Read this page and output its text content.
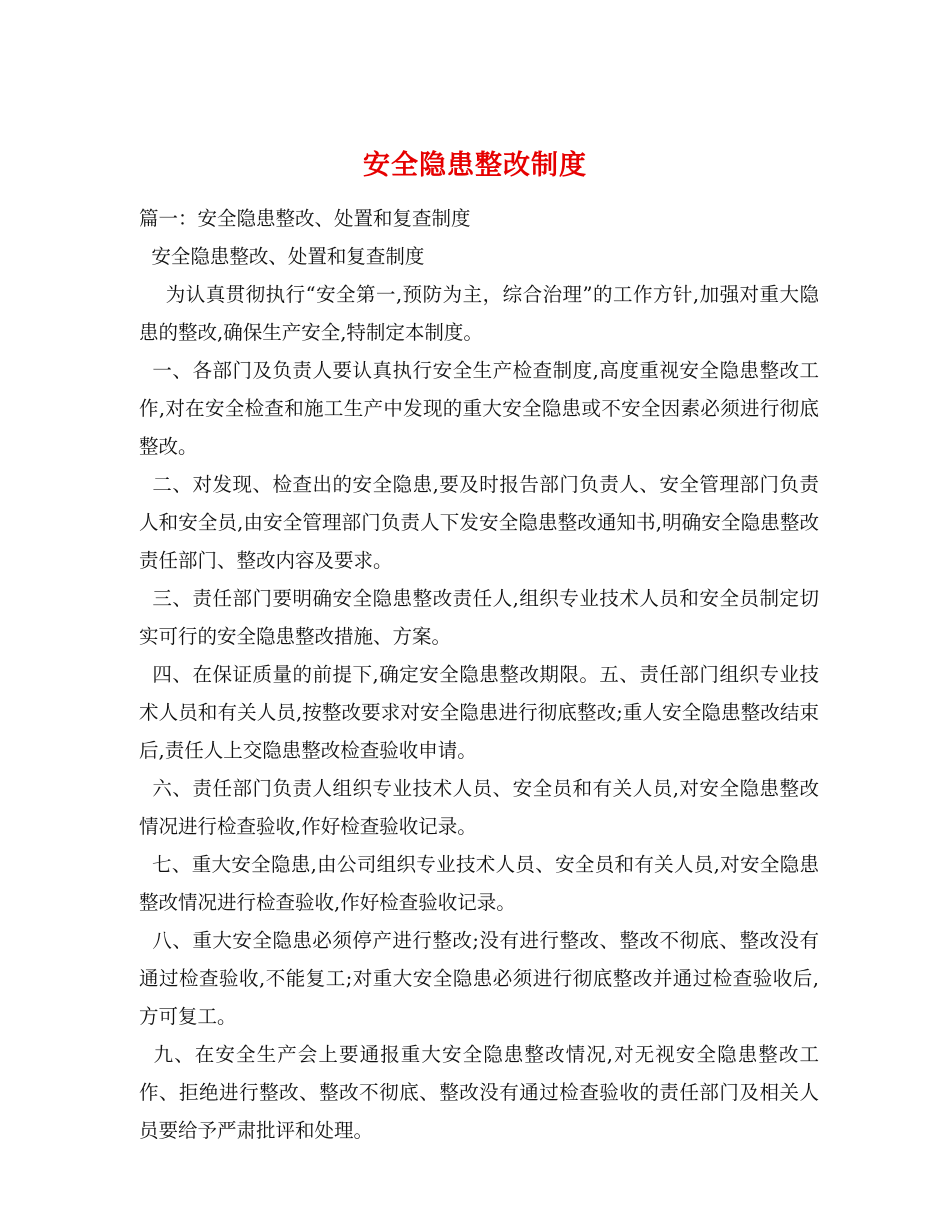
安全隐患整改制度

篇一：安全隐患整改、处置和复查制度

安全隐患整改、处置和复查制度

为认真贯彻执行“安全第一,预防为主，综合治理”的工作方针,加强对重大隐患的整改,确保生产安全,特制定本制度。

一、各部门及负责人要认真执行安全生产检查制度,高度重视安全隐患整改工作,对在安全检查和施工生产中发现的重大安全隐患或不安全因素必须进行彻底整改。

二、对发现、检查出的安全隐患,要及时报告部门负责人、安全管理部门负责人和安全员,由安全管理部门负责人下发安全隐患整改通知书,明确安全隐患整改责任部门、整改内容及要求。

三、责任部门要明确安全隐患整改责任人,组织专业技术人员和安全员制定切实可行的安全隐患整改措施、方案。

四、在保证质量的前提下,确定安全隐患整改期限。五、责任部门组织专业技术人员和有关人员,按整改要求对安全隐患进行彻底整改;重人安全隐患整改结束后,责任人上交隐患整改检查验收申请。

六、责任部门负责人组织专业技术人员、安全员和有关人员,对安全隐患整改情况进行检查验收,作好检查验收记录。

七、重大安全隐患,由公司组织专业技术人员、安全员和有关人员,对安全隐患整改情况进行检查验收,作好检查验收记录。

八、重大安全隐患必须停产进行整改;没有进行整改、整改不彻底、整改没有通过检查验收,不能复工;对重大安全隐患必须进行彻底整改并通过检查验收后,方可复工。

九、在安全生产会上要通报重大安全隐患整改情况,对无视安全隐患整改工作、拒绝进行整改、整改不彻底、整改没有通过检查验收的责任部门及相关人员要给予严肃批评和处理。
